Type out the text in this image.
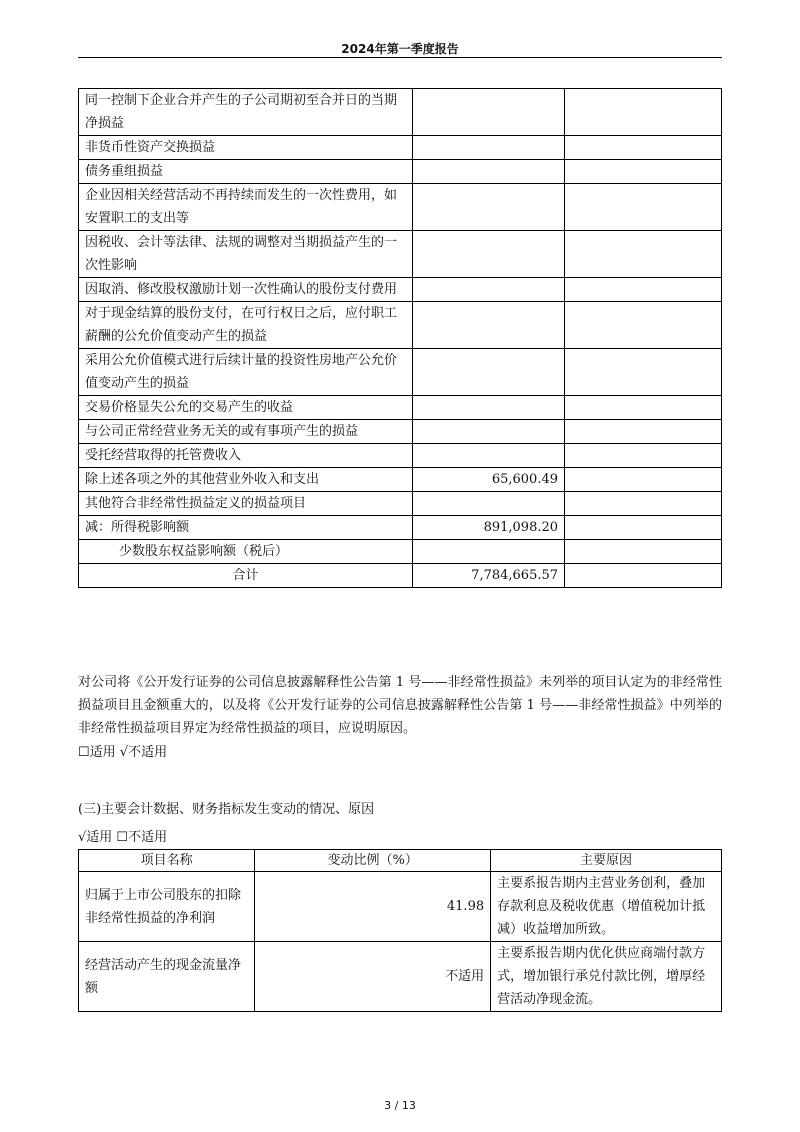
2024年第一季度报告
同一控制下企业合并产生的子公司期初至合并日的当期净损益		
非货币性资产交换损益		
债务重组损益		
企业因相关经营活动不再持续而发生的一次性费用，如安置职工的支出等		
因税收、会计等法律、法规的调整对当期损益产生的一次性影响		
因取消、修改股权激励计划一次性确认的股份支付费用		
对于现金结算的股份支付，在可行权日之后，应付职工薪酬的公允价值变动产生的损益		
采用公允价值模式进行后续计量的投资性房地产公允价值变动产生的损益		
交易价格显失公允的交易产生的收益		
与公司正常经营业务无关的或有事项产生的损益		
受托经营取得的托管费收入		
除上述各项之外的其他营业外收入和支出	65,600.49	
其他符合非经常性损益定义的损益项目		
减：所得税影响额	891,098.20	
少数股东权益影响额（税后）		
合计	7,784,665.57	

对公司将《公开发行证券的公司信息披露解释性公告第 1 号——非经常性损益》未列举的项目认定为的非经常性损益项目且金额重大的，以及将《公开发行证券的公司信息披露解释性公告第 1 号——非经常性损益》中列举的非经常性损益项目界定为经常性损益的项目，应说明原因。

☐适用 √不适用

(三)主要会计数据、财务指标发生变动的情况、原因

√适用 ☐不适用

项目名称	变动比例（%）	主要原因
归属于上市公司股东的扣除非经常性损益的净利润	41.98	主要系报告期内主营业务创利，叠加存款利息及税收优惠（增值税加计抵减）收益增加所致。
经营活动产生的现金流量净额	不适用	主要系报告期内优化供应商端付款方式，增加银行承兑付款比例，增厚经营活动净现金流。
3 / 13
